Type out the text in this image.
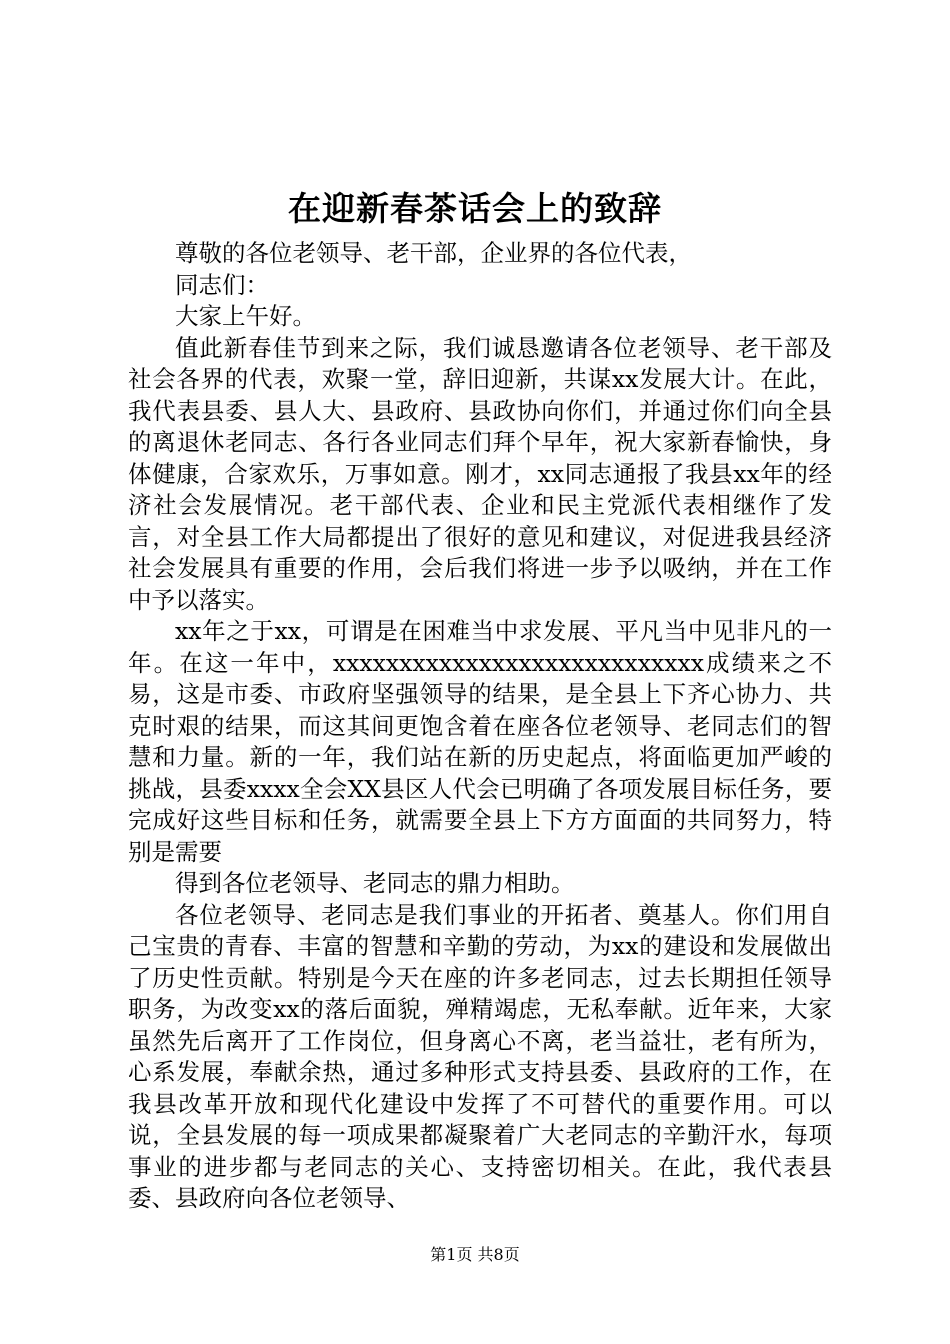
在迎新春茶话会上的致辞

尊敬的各位老领导、老干部，企业界的各位代表，

同志们：

大家上午好。

值此新春佳节到来之际，我们诚恳邀请各位老领导、老干部及社会各界的代表，欢聚一堂，辞旧迎新，共谋xx发展大计。在此，我代表县委、县人大、县政府、县政协向你们，并通过你们向全县的离退休老同志、各行各业同志们拜个早年，祝大家新春愉快，身体健康，合家欢乐，万事如意。刚才，xx同志通报了我县xx年的经济社会发展情况。老干部代表、企业和民主党派代表相继作了发言，对全县工作大局都提出了很好的意见和建议，对促进我县经济社会发展具有重要的作用，会后我们将进一步予以吸纳，并在工作中予以落实。

xx年之于xx，可谓是在困难当中求发展、平凡当中见非凡的一年。在这一年中，xxxxxxxxxxxxxxxxxxxxxxxxxxxx成绩来之不易，这是市委、市政府坚强领导的结果，是全县上下齐心协力、共克时艰的结果，而这其间更饱含着在座各位老领导、老同志们的智慧和力量。新的一年，我们站在新的历史起点，将面临更加严峻的挑战，县委xxxx全会XX县区人代会已明确了各项发展目标任务，要完成好这些目标和任务，就需要全县上下方方面面的共同努力，特别是需要

得到各位老领导、老同志的鼎力相助。

各位老领导、老同志是我们事业的开拓者、奠基人。你们用自己宝贵的青春、丰富的智慧和辛勤的劳动，为xx的建设和发展做出了历史性贡献。特别是今天在座的许多老同志，过去长期担任领导职务，为改变xx的落后面貌，殚精竭虑，无私奉献。近年来，大家虽然先后离开了工作岗位，但身离心不离，老当益壮，老有所为，心系发展，奉献余热，通过多种形式支持县委、县政府的工作，在我县改革开放和现代化建设中发挥了不可替代的重要作用。可以说，全县发展的每一项成果都凝聚着广大老同志的辛勤汗水，每项事业的进步都与老同志的关心、支持密切相关。在此，我代表县委、县政府向各位老领导、

第1页 共8页
